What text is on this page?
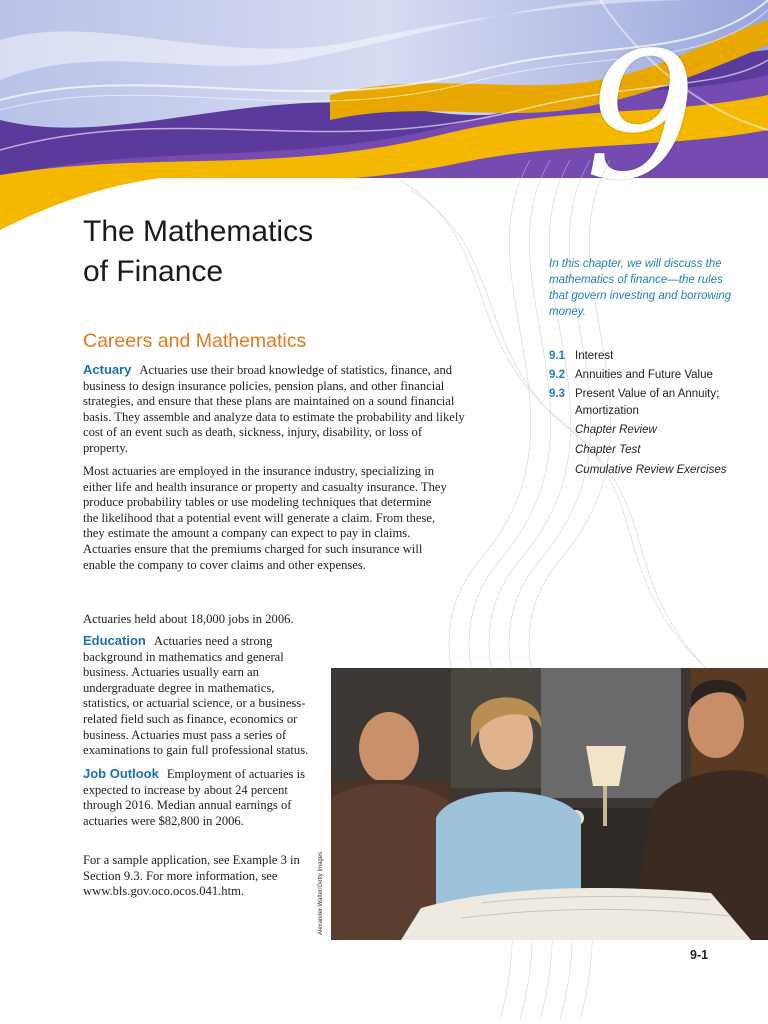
9
The Mathematics
of Finance	In this chapter, we will discuss the mathematics of finance—the rules that govern investing and borrowing money.
9.1 Interest
9.2 Annuities and Future Value
9.3 Present Value of an Annuity; Amortization
Chapter Review
Chapter Test
Cumulative Review Exercises
Careers and Mathematics

Actuary Actuaries use their broad knowledge of statistics, finance, and business to design insurance policies, pension plans, and other financial strategies, and ensure that these plans are maintained on a sound financial basis. They assemble and analyze data to estimate the probability and likely cost of an event such as death, sickness, injury, disability, or loss of property.

Most actuaries are employed in the insurance industry, specializing in either life and health insurance or property and casualty insurance. They produce probability tables or use modeling techniques that determine the likelihood that a potential event will generate a claim. From these, they estimate the amount a company can expect to pay in claims. Actuaries ensure that the premiums charged for such insurance will enable the company to cover claims and other expenses.

Actuaries held about 18,000 jobs in 2006.

Education Actuaries need a strong background in mathematics and general business. Actuaries usually earn an undergraduate degree in mathematics, statistics, or actuarial science, or a business-related field such as finance, economics or business. Actuaries must pass a series of examinations to gain full professional status.

Job Outlook Employment of actuaries is expected to increase by about 24 percent through 2016. Median annual earnings of actuaries were $82,800 in 2006.

For a sample application, see Example 3 in Section 9.3. For more information, see www.bls.gov.oco.ocos.041.htm.	Alexander Walter/Getty Images
9-1
